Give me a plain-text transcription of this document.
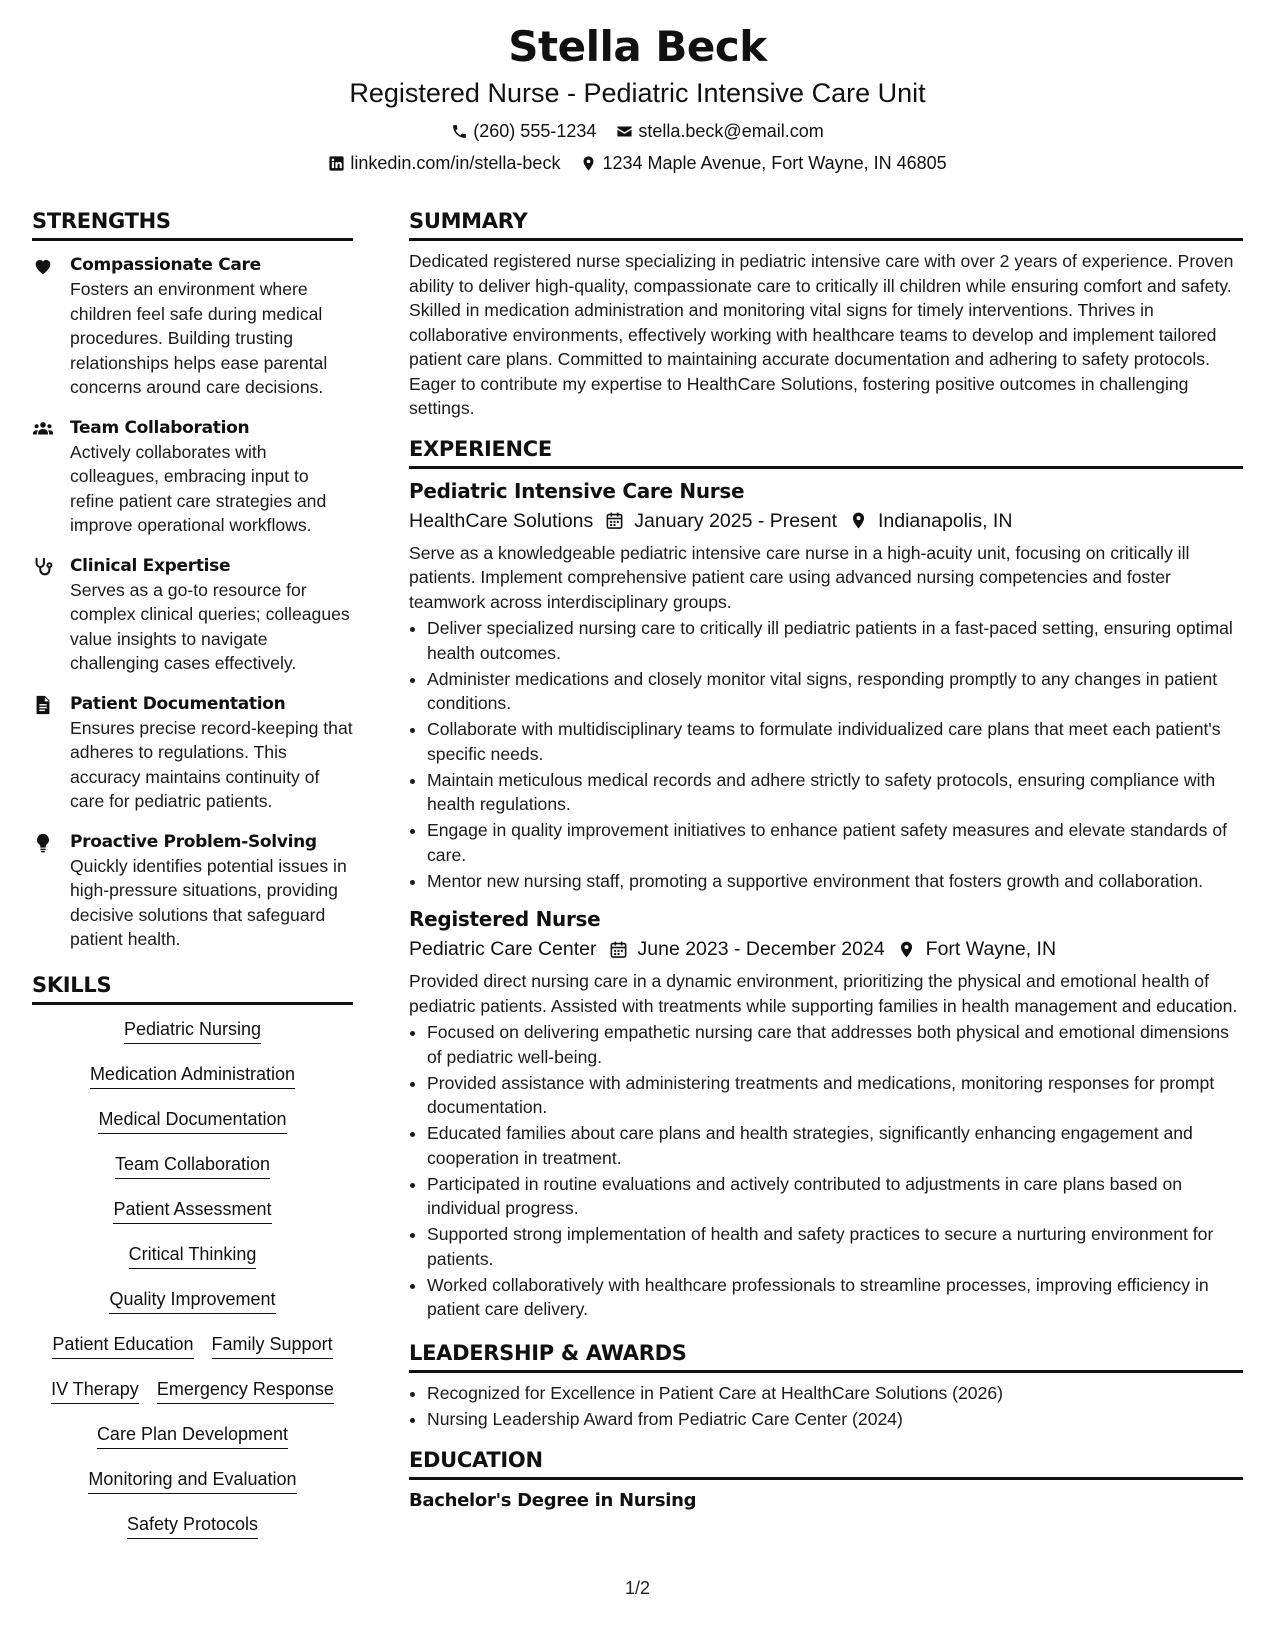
Stella Beck
Registered Nurse - Pediatric Intensive Care Unit
(260) 555-1234 stella.beck@email.com
linkedin.com/in/stella-beck 1234 Maple Avenue, Fort Wayne, IN 46805
STRENGTHS
Compassionate Care
Fosters an environment where children feel safe during medical procedures. Building trusting relationships helps ease parental concerns around care decisions.
Team Collaboration
Actively collaborates with colleagues, embracing input to refine patient care strategies and improve operational workflows.
Clinical Expertise
Serves as a go-to resource for complex clinical queries; colleagues value insights to navigate challenging cases effectively.
Patient Documentation
Ensures precise record-keeping that adheres to regulations. This accuracy maintains continuity of care for pediatric patients.
Proactive Problem-Solving
Quickly identifies potential issues in high-pressure situations, providing decisive solutions that safeguard patient health.
SKILLS
Pediatric Nursing
Medication Administration
Medical Documentation
Team Collaboration
Patient Assessment
Critical Thinking
Quality Improvement
Patient Education Family Support
IV Therapy Emergency Response
Care Plan Development
Monitoring and Evaluation
Safety Protocols
SUMMARY
Dedicated registered nurse specializing in pediatric intensive care with over 2 years of experience. Proven ability to deliver high-quality, compassionate care to critically ill children while ensuring comfort and safety. Skilled in medication administration and monitoring vital signs for timely interventions. Thrives in collaborative environments, effectively working with healthcare teams to develop and implement tailored patient care plans. Committed to maintaining accurate documentation and adhering to safety protocols. Eager to contribute my expertise to HealthCare Solutions, fostering positive outcomes in challenging settings.
EXPERIENCE
Pediatric Intensive Care Nurse
HealthCare Solutions January 2025 - Present Indianapolis, IN
Serve as a knowledgeable pediatric intensive care nurse in a high-acuity unit, focusing on critically ill patients. Implement comprehensive patient care using advanced nursing competencies and foster teamwork across interdisciplinary groups.
• Deliver specialized nursing care to critically ill pediatric patients in a fast-paced setting, ensuring optimal health outcomes.
• Administer medications and closely monitor vital signs, responding promptly to any changes in patient conditions.
• Collaborate with multidisciplinary teams to formulate individualized care plans that meet each patient's specific needs.
• Maintain meticulous medical records and adhere strictly to safety protocols, ensuring compliance with health regulations.
• Engage in quality improvement initiatives to enhance patient safety measures and elevate standards of care.
• Mentor new nursing staff, promoting a supportive environment that fosters growth and collaboration.
Registered Nurse
Pediatric Care Center June 2023 - December 2024 Fort Wayne, IN
Provided direct nursing care in a dynamic environment, prioritizing the physical and emotional health of pediatric patients. Assisted with treatments while supporting families in health management and education.
• Focused on delivering empathetic nursing care that addresses both physical and emotional dimensions of pediatric well-being.
• Provided assistance with administering treatments and medications, monitoring responses for prompt documentation.
• Educated families about care plans and health strategies, significantly enhancing engagement and cooperation in treatment.
• Participated in routine evaluations and actively contributed to adjustments in care plans based on individual progress.
• Supported strong implementation of health and safety practices to secure a nurturing environment for patients.
• Worked collaboratively with healthcare professionals to streamline processes, improving efficiency in patient care delivery.
LEADERSHIP & AWARDS
• Recognized for Excellence in Patient Care at HealthCare Solutions (2026)
• Nursing Leadership Award from Pediatric Care Center (2024)
EDUCATION
Bachelor's Degree in Nursing
1/2
